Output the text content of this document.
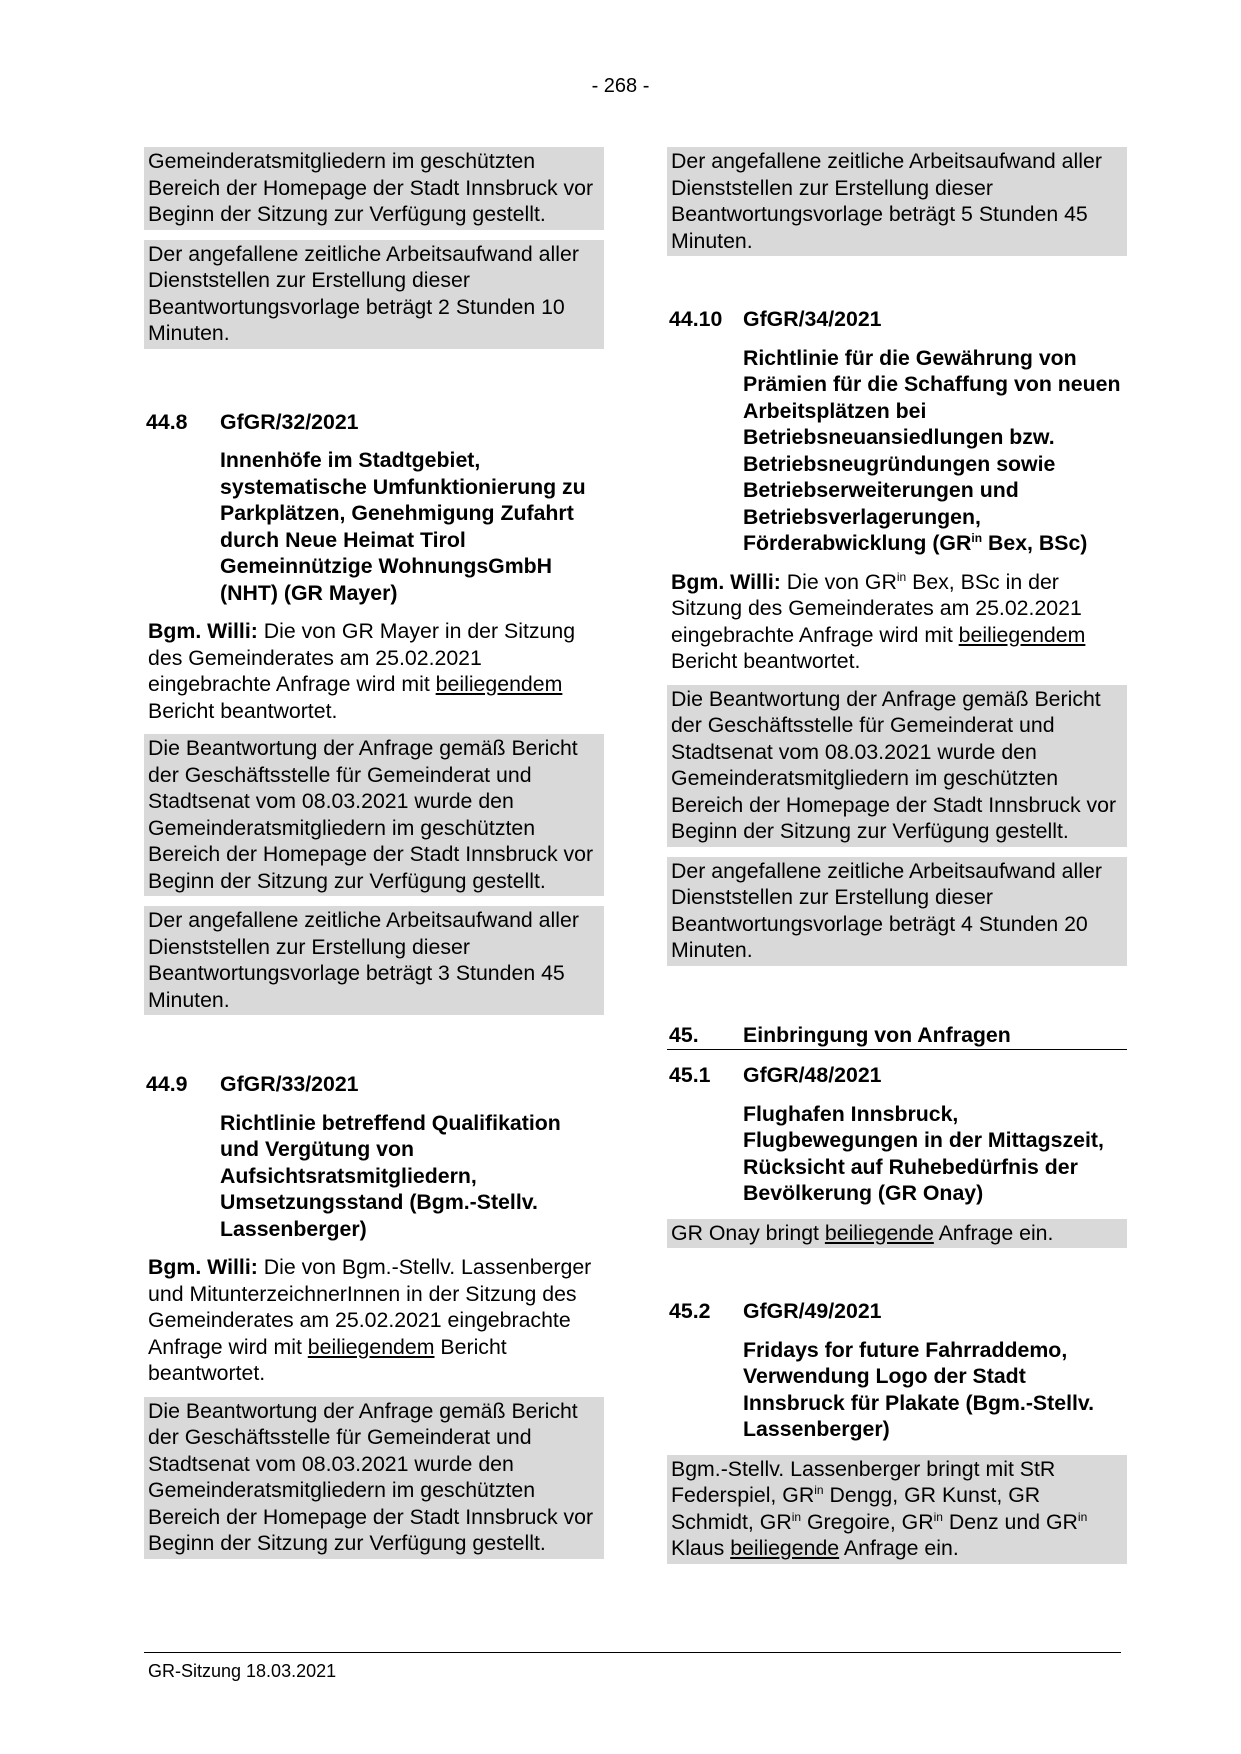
- 268 -

Gemeinderatsmitgliedern im geschützten Bereich der Homepage der Stadt Innsbruck vor Beginn der Sitzung zur Verfügung gestellt.

Der angefallene zeitliche Arbeitsaufwand aller Dienststellen zur Erstellung dieser Beantwortungsvorlage beträgt 2 Stunden 10 Minuten.

44.8	GfGR/32/2021
Innenhöfe im Stadtgebiet, systematische Umfunktionierung zu Parkplätzen, Genehmigung Zufahrt durch Neue Heimat Tirol Gemeinnützige WohnungsGmbH (NHT) (GR Mayer)

Bgm. Willi: Die von GR Mayer in der Sitzung des Gemeinderates am 25.02.2021 eingebrachte Anfrage wird mit beiliegendem Bericht beantwortet.

Die Beantwortung der Anfrage gemäß Bericht der Geschäftsstelle für Gemeinderat und Stadtsenat vom 08.03.2021 wurde den Gemeinderatsmitgliedern im geschützten Bereich der Homepage der Stadt Innsbruck vor Beginn der Sitzung zur Verfügung gestellt.

Der angefallene zeitliche Arbeitsaufwand aller Dienststellen zur Erstellung dieser Beantwortungsvorlage beträgt 3 Stunden 45 Minuten.

44.9	GfGR/33/2021
Richtlinie betreffend Qualifikation und Vergütung von Aufsichtsratsmitgliedern, Umsetzungsstand (Bgm.-Stellv. Lassenberger)

Bgm. Willi: Die von Bgm.-Stellv. Lassenberger und MitunterzeichnerInnen in der Sitzung des Gemeinderates am 25.02.2021 eingebrachte Anfrage wird mit beiliegendem Bericht beantwortet.

Die Beantwortung der Anfrage gemäß Bericht der Geschäftsstelle für Gemeinderat und Stadtsenat vom 08.03.2021 wurde den Gemeinderatsmitgliedern im geschützten Bereich der Homepage der Stadt Innsbruck vor Beginn der Sitzung zur Verfügung gestellt.

Der angefallene zeitliche Arbeitsaufwand aller Dienststellen zur Erstellung dieser Beantwortungsvorlage beträgt 5 Stunden 45 Minuten.

44.10 GfGR/34/2021
Richtlinie für die Gewährung von Prämien für die Schaffung von neuen Arbeitsplätzen bei Betriebsneuansiedlungen bzw. Betriebsneugründungen sowie Betriebserweiterungen und Betriebsverlagerungen, Förderabwicklung ($GR^{in}$ Bex, BSc)

Bgm. Willi: Die von $GR^{in}$ Bex, BSc in der Sitzung des Gemeinderates am 25.02.2021 eingebrachte Anfrage wird mit beiliegendem Bericht beantwortet.

Die Beantwortung der Anfrage gemäß Bericht der Geschäftsstelle für Gemeinderat und Stadtsenat vom 08.03.2021 wurde den Gemeinderatsmitgliedern im geschützten Bereich der Homepage der Stadt Innsbruck vor Beginn der Sitzung zur Verfügung gestellt.

Der angefallene zeitliche Arbeitsaufwand aller Dienststellen zur Erstellung dieser Beantwortungsvorlage beträgt 4 Stunden 20 Minuten.

45.	Einbringung von Anfragen
45.1	GfGR/48/2021
Flughafen Innsbruck, Flugbewegungen in der Mittagszeit, Rücksicht auf Ruhebedürfnis der Bevölkerung (GR Onay)

GR Onay bringt beiliegende Anfrage ein.

45.2	GfGR/49/2021
Fridays for future Fahrraddemo, Verwendung Logo der Stadt Innsbruck für Plakate (Bgm.-Stellv. Lassenberger)

Bgm.-Stellv. Lassenberger bringt mit StR Federspiel, $GR^{in}$ Dengg, GR Kunst, GR Schmidt, $GR^{in}$ Gregoire, $GR^{in}$ Denz und $GR^{in}$ Klaus beiliegende Anfrage ein.

GR-Sitzung 18.03.2021
